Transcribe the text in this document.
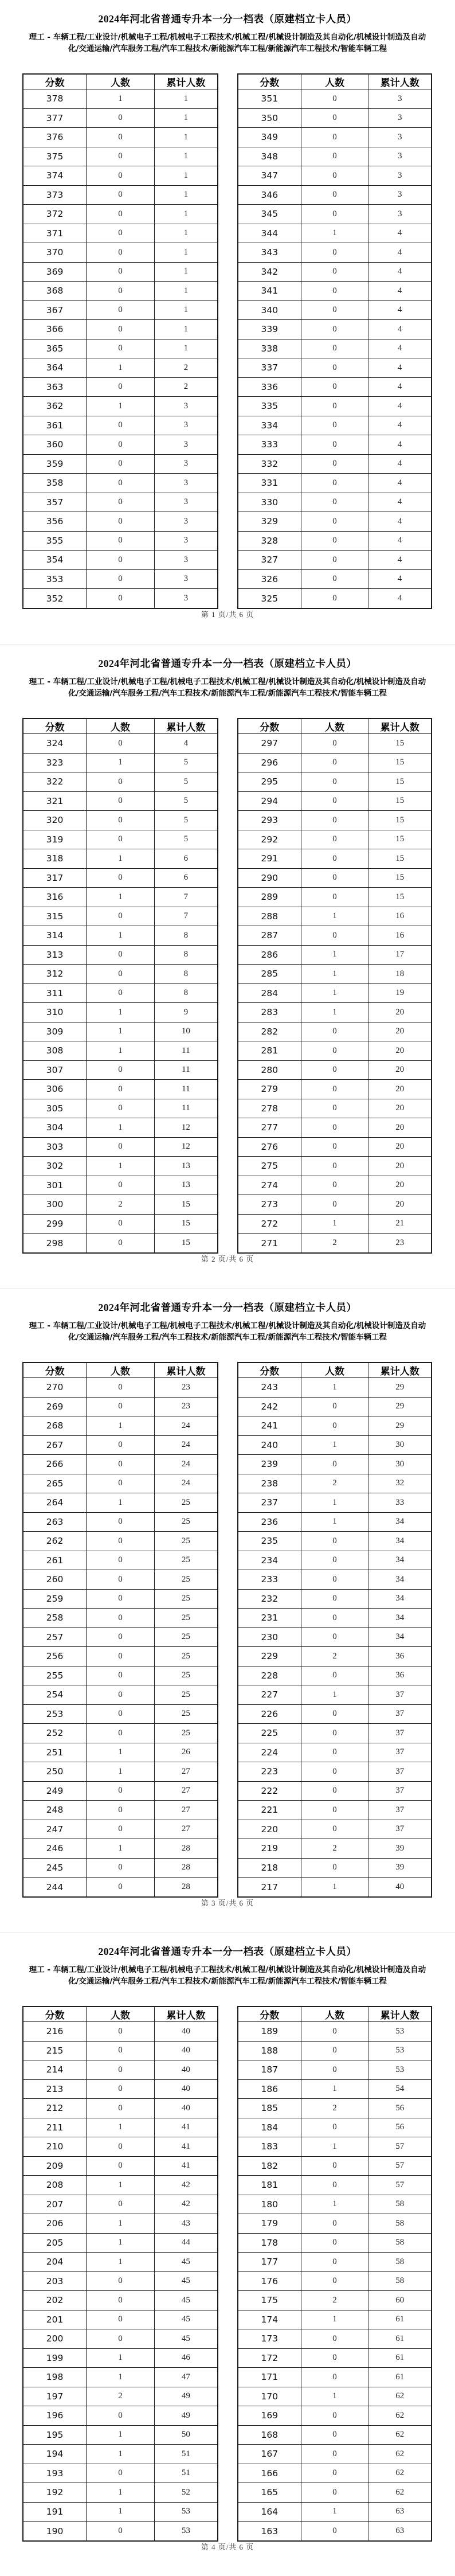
2024年河北省普通专升本一分一档表（原建档立卡人员）
理工 - 车辆工程/工业设计/机械电子工程/机械电子工程技术/机械工程/机械设计制造及其自动化/机械设计制造及自动化/交通运输/汽车服务工程/汽车工程技术/新能源汽车工程/新能源汽车工程技术/智能车辆工程
分数	人数	累计人数
378	1	1
377	0	1
376	0	1
375	0	1
374	0	1
373	0	1
372	0	1
371	0	1
370	0	1
369	0	1
368	0	1
367	0	1
366	0	1
365	0	1
364	1	2
363	0	2
362	1	3
361	0	3
360	0	3
359	0	3
358	0	3
357	0	3
356	0	3
355	0	3
354	0	3
353	0	3
352	0	3
分数	人数	累计人数
351	0	3
350	0	3
349	0	3
348	0	3
347	0	3
346	0	3
345	0	3
344	1	4
343	0	4
342	0	4
341	0	4
340	0	4
339	0	4
338	0	4
337	0	4
336	0	4
335	0	4
334	0	4
333	0	4
332	0	4
331	0	4
330	0	4
329	0	4
328	0	4
327	0	4
326	0	4
325	0	4
第 1 页/共 6 页
2024年河北省普通专升本一分一档表（原建档立卡人员）
理工 - 车辆工程/工业设计/机械电子工程/机械电子工程技术/机械工程/机械设计制造及其自动化/机械设计制造及自动化/交通运输/汽车服务工程/汽车工程技术/新能源汽车工程/新能源汽车工程技术/智能车辆工程
分数	人数	累计人数
324	0	4
323	1	5
322	0	5
321	0	5
320	0	5
319	0	5
318	1	6
317	0	6
316	1	7
315	0	7
314	1	8
313	0	8
312	0	8
311	0	8
310	1	9
309	1	10
308	1	11
307	0	11
306	0	11
305	0	11
304	1	12
303	0	12
302	1	13
301	0	13
300	2	15
299	0	15
298	0	15
分数	人数	累计人数
297	0	15
296	0	15
295	0	15
294	0	15
293	0	15
292	0	15
291	0	15
290	0	15
289	0	15
288	1	16
287	0	16
286	1	17
285	1	18
284	1	19
283	1	20
282	0	20
281	0	20
280	0	20
279	0	20
278	0	20
277	0	20
276	0	20
275	0	20
274	0	20
273	0	20
272	1	21
271	2	23
第 2 页/共 6 页
2024年河北省普通专升本一分一档表（原建档立卡人员）
理工 - 车辆工程/工业设计/机械电子工程/机械电子工程技术/机械工程/机械设计制造及其自动化/机械设计制造及自动化/交通运输/汽车服务工程/汽车工程技术/新能源汽车工程/新能源汽车工程技术/智能车辆工程
分数	人数	累计人数
270	0	23
269	0	23
268	1	24
267	0	24
266	0	24
265	0	24
264	1	25
263	0	25
262	0	25
261	0	25
260	0	25
259	0	25
258	0	25
257	0	25
256	0	25
255	0	25
254	0	25
253	0	25
252	0	25
251	1	26
250	1	27
249	0	27
248	0	27
247	0	27
246	1	28
245	0	28
244	0	28
分数	人数	累计人数
243	1	29
242	0	29
241	0	29
240	1	30
239	0	30
238	2	32
237	1	33
236	1	34
235	0	34
234	0	34
233	0	34
232	0	34
231	0	34
230	0	34
229	2	36
228	0	36
227	1	37
226	0	37
225	0	37
224	0	37
223	0	37
222	0	37
221	0	37
220	0	37
219	2	39
218	0	39
217	1	40
第 3 页/共 6 页
2024年河北省普通专升本一分一档表（原建档立卡人员）
理工 - 车辆工程/工业设计/机械电子工程/机械电子工程技术/机械工程/机械设计制造及其自动化/机械设计制造及自动化/交通运输/汽车服务工程/汽车工程技术/新能源汽车工程/新能源汽车工程技术/智能车辆工程
分数	人数	累计人数
216	0	40
215	0	40
214	0	40
213	0	40
212	0	40
211	1	41
210	0	41
209	0	41
208	1	42
207	0	42
206	1	43
205	1	44
204	1	45
203	0	45
202	0	45
201	0	45
200	0	45
199	1	46
198	1	47
197	2	49
196	0	49
195	1	50
194	1	51
193	0	51
192	1	52
191	1	53
190	0	53
分数	人数	累计人数
189	0	53
188	0	53
187	0	53
186	1	54
185	2	56
184	0	56
183	1	57
182	0	57
181	0	57
180	1	58
179	0	58
178	0	58
177	0	58
176	0	58
175	2	60
174	1	61
173	0	61
172	0	61
171	0	61
170	1	62
169	0	62
168	0	62
167	0	62
166	0	62
165	0	62
164	1	63
163	0	63
第 4 页/共 6 页
